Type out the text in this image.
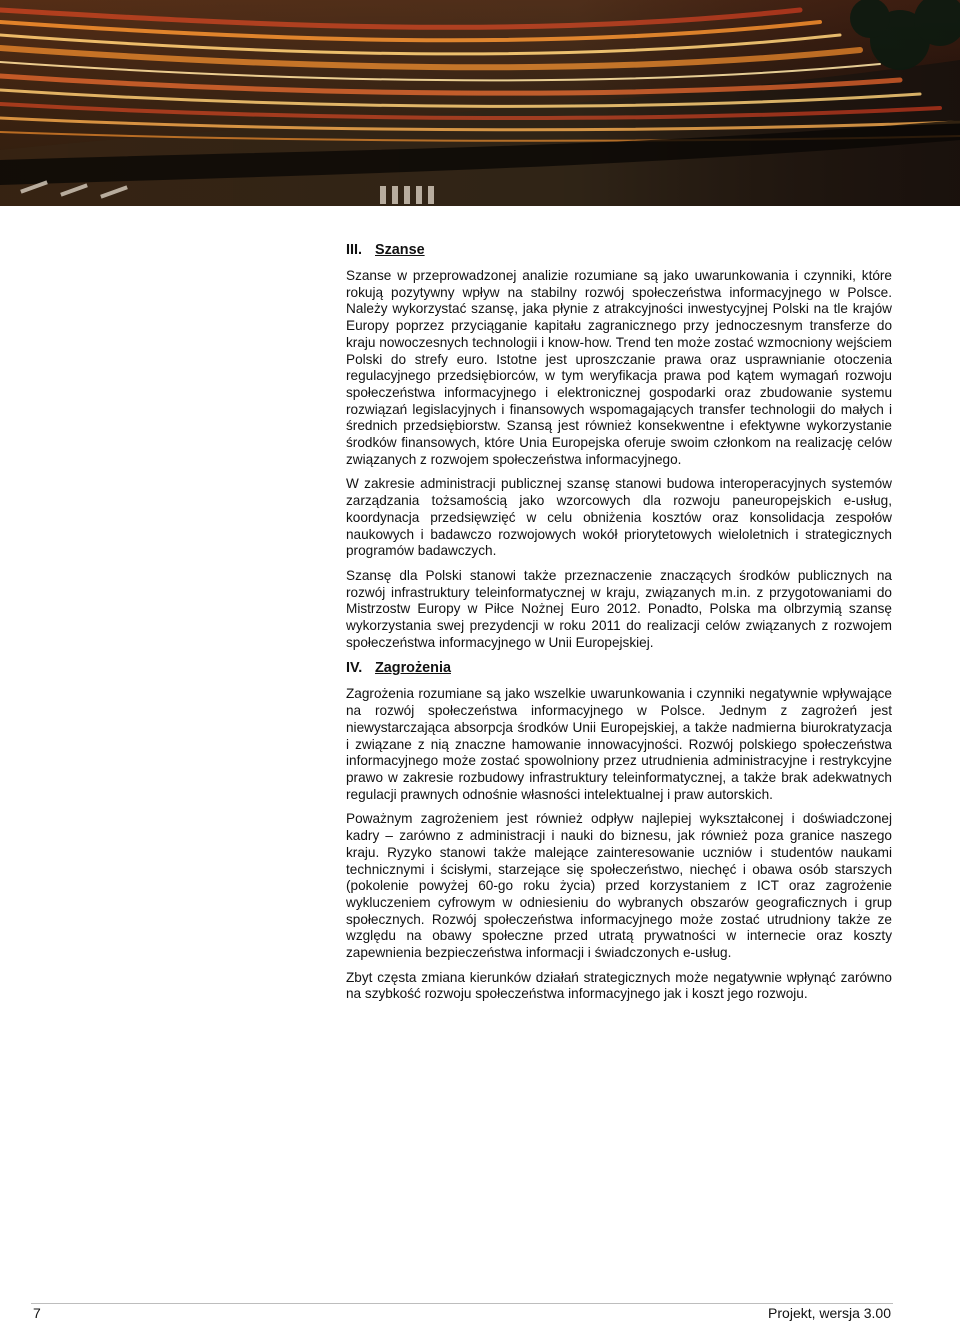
III. Szanse

Szanse w przeprowadzonej analizie rozumiane są jako uwarunkowania i czynniki, które rokują pozytywny wpływ na stabilny rozwój społeczeństwa informacyjnego w Polsce. Należy wykorzystać szansę, jaka płynie z atrakcyjności inwestycyjnej Polski na tle krajów Europy poprzez przyciąganie kapitału zagranicznego przy jednoczesnym transferze do kraju nowoczesnych technologii i know-how. Trend ten może zostać wzmocniony wejściem Polski do strefy euro. Istotne jest uproszczanie prawa oraz usprawnianie otoczenia regulacyjnego przedsiębiorców, w tym weryfikacja prawa pod kątem wymagań rozwoju społeczeństwa informacyjnego i elektronicznej gospodarki oraz zbudowanie systemu rozwiązań legislacyjnych i finansowych wspomagających transfer technologii do małych i średnich przedsiębiorstw. Szansą jest również konsekwentne i efektywne wykorzystanie środków finansowych, które Unia Europejska oferuje swoim członkom na realizację celów związanych z rozwojem społeczeństwa informacyjnego.

W zakresie administracji publicznej szansę stanowi budowa interoperacyjnych systemów zarządzania tożsamością jako wzorcowych dla rozwoju paneuropejskich e-usług, koordynacja przedsięwzięć w celu obniżenia kosztów oraz konsolidacja zespołów naukowych i badawczo rozwojowych wokół priorytetowych wieloletnich i strategicznych programów badawczych.

Szansę dla Polski stanowi także przeznaczenie znaczących środków publicznych na rozwój infrastruktury teleinformatycznej w kraju, związanych m.in. z przygotowaniami do Mistrzostw Europy w Piłce Nożnej Euro 2012. Ponadto, Polska ma olbrzymią szansę wykorzystania swej prezydencji w roku 2011 do realizacji celów związanych z rozwojem społeczeństwa informacyjnego w Unii Europejskiej.

IV. Zagrożenia

Zagrożenia rozumiane są jako wszelkie uwarunkowania i czynniki negatywnie wpływające na rozwój społeczeństwa informacyjnego w Polsce. Jednym z zagrożeń jest niewystarczająca absorpcja środków Unii Europejskiej, a także nadmierna biurokratyzacja i związane z nią znaczne hamowanie innowacyjności. Rozwój polskiego społeczeństwa informacyjnego może zostać spowolniony przez utrudnienia administracyjne i restrykcyjne prawo w zakresie rozbudowy infrastruktury teleinformatycznej, a także brak adekwatnych regulacji prawnych odnośnie własności intelektualnej i praw autorskich.

Poważnym zagrożeniem jest również odpływ najlepiej wykształconej i doświadczonej kadry – zarówno z administracji i nauki do biznesu, jak również poza granice naszego kraju. Ryzyko stanowi także malejące zainteresowanie uczniów i studentów naukami technicznymi i ścisłymi, starzejące się społeczeństwo, niechęć i obawa osób starszych (pokolenie powyżej 60-go roku życia) przed korzystaniem z ICT oraz zagrożenie wykluczeniem cyfrowym w odniesieniu do wybranych obszarów geograficznych i grup społecznych. Rozwój społeczeństwa informacyjnego może zostać utrudniony także ze względu na obawy społeczne przed utratą prywatności w internecie oraz koszty zapewnienia bezpieczeństwa informacji i świadczonych e-usług.

Zbyt częsta zmiana kierunków działań strategicznych może negatywnie wpłynąć zarówno na szybkość rozwoju społeczeństwa informacyjnego jak i koszt jego rozwoju.

7	Projekt, wersja 3.00
